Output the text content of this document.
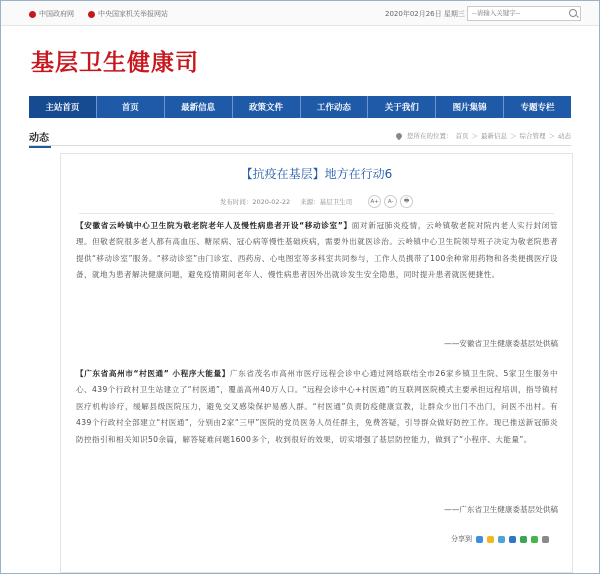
中国政府网	中央国家机关举报网站	2020年02月26日 星期三
--请输入关键字--
基层卫生健康司
主站首页	首页	最新信息	政策文件	工作动态	关于我们	图片集锦	专题专栏
动态	您所在的位置： 首页 ＞ 最新信息 ＞ 综合管理 ＞ 动态
【抗疫在基层】地方在行动6
发布时间：2020-02-22 来源：基层卫生司	A+	A-	🖶
【安徽省云岭镇中心卫生院为敬老院老年人及慢性病患者开设“移动诊室”】面对新冠肺炎疫情，云岭镇敬老院对院内老人实行封闭管理。但敬老院很多老人都有高血压、糖尿病、冠心病等慢性基础疾病，需要外出就医诊治。云岭镇中心卫生院领导班子决定为敬老院患者提供“移动诊室”服务。“移动诊室”由门诊室、西药房、心电图室等多科室共同参与，工作人员携带了100余种常用药物和各类便携医疗设备，就地为患者解决健康问题，避免疫情期间老年人、慢性病患者因外出就诊发生安全隐患，同时提升患者就医便捷性。
——安徽省卫生健康委基层处供稿
【广东省高州市“村医通” 小程序大能量】广东省茂名市高州市医疗远程会诊中心通过网络联结全市26家乡镇卫生院、5家卫生服务中心、439个行政村卫生站建立了“村医通”，覆盖高州40万人口。“远程会诊中心+村医通”的互联网医院模式主要承担远程培训，指导镇村医疗机构诊疗，缓解县级医院压力，避免交叉感染保护易感人群。“村医通”负责防疫健康宣教，让群众少出门不出门，问医不出村。有439个行政村全部建立“村医通”，分别由2家“三甲”医院的党员医务人员任群主，免费答疑，引导群众做好防控工作。现已推送新冠肺炎防控指引和相关知识50余篇，解答疑难问题1600多个，收到很好的效果，切实增强了基层防控能力，做到了“小程序、大能量”。
——广东省卫生健康委基层处供稿
分享到
